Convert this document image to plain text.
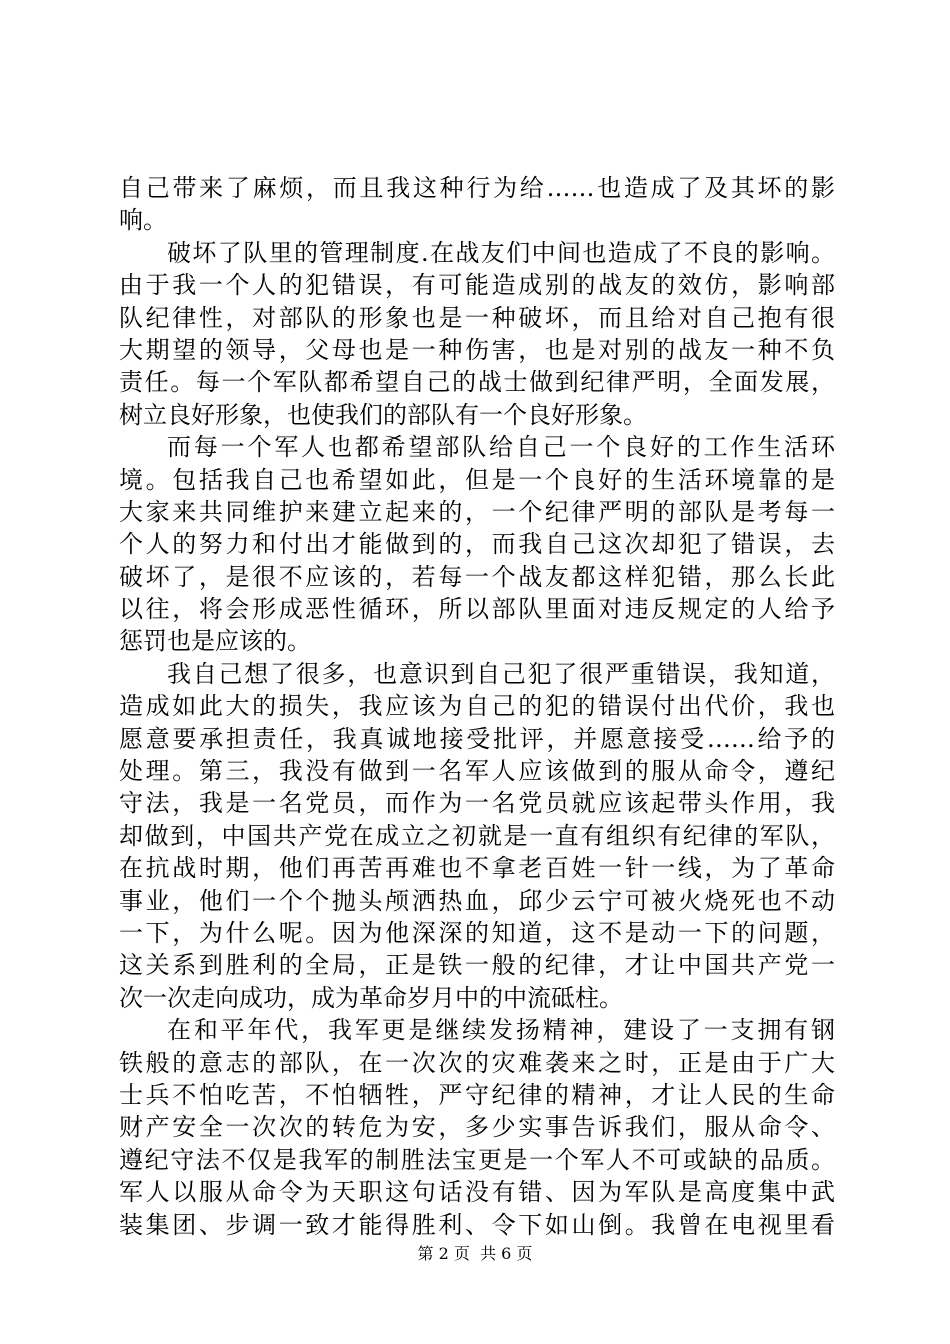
自己带来了麻烦，而且我这种行为给……也造成了及其坏的影
响。
破坏了队里的管理制度.在战友们中间也造成了不良的影响。
由于我一个人的犯错误，有可能造成别的战友的效仿，影响部
队纪律性，对部队的形象也是一种破坏，而且给对自己抱有很
大期望的领导，父母也是一种伤害，也是对别的战友一种不负
责任。每一个军队都希望自己的战士做到纪律严明，全面发展，
树立良好形象，也使我们的部队有一个良好形象。
而每一个军人也都希望部队给自己一个良好的工作生活环
境。包括我自己也希望如此，但是一个良好的生活环境靠的是
大家来共同维护来建立起来的，一个纪律严明的部队是考每一
个人的努力和付出才能做到的，而我自己这次却犯了错误，去
破坏了，是很不应该的，若每一个战友都这样犯错，那么长此
以往，将会形成恶性循环，所以部队里面对违反规定的人给予
惩罚也是应该的。
我自己想了很多，也意识到自己犯了很严重错误，我知道，
造成如此大的损失，我应该为自己的犯的错误付出代价，我也
愿意要承担责任，我真诚地接受批评，并愿意接受……给予的
处理。第三，我没有做到一名军人应该做到的服从命令，遵纪
守法，我是一名党员，而作为一名党员就应该起带头作用，我
却做到，中国共产党在成立之初就是一直有组织有纪律的军队，
在抗战时期，他们再苦再难也不拿老百姓一针一线，为了革命
事业，他们一个个抛头颅洒热血，邱少云宁可被火烧死也不动
一下，为什么呢。因为他深深的知道，这不是动一下的问题，
这关系到胜利的全局，正是铁一般的纪律，才让中国共产党一
次一次走向成功，成为革命岁月中的中流砥柱。
在和平年代，我军更是继续发扬精神，建设了一支拥有钢
铁般的意志的部队，在一次次的灾难袭来之时，正是由于广大
士兵不怕吃苦，不怕牺牲，严守纪律的精神，才让人民的生命
财产安全一次次的转危为安，多少实事告诉我们，服从命令、
遵纪守法不仅是我军的制胜法宝更是一个军人不可或缺的品质。
军人以服从命令为天职这句话没有错、因为军队是高度集中武
装集团、步调一致才能得胜利、令下如山倒。我曾在电视里看
第 2 页  共 6 页
